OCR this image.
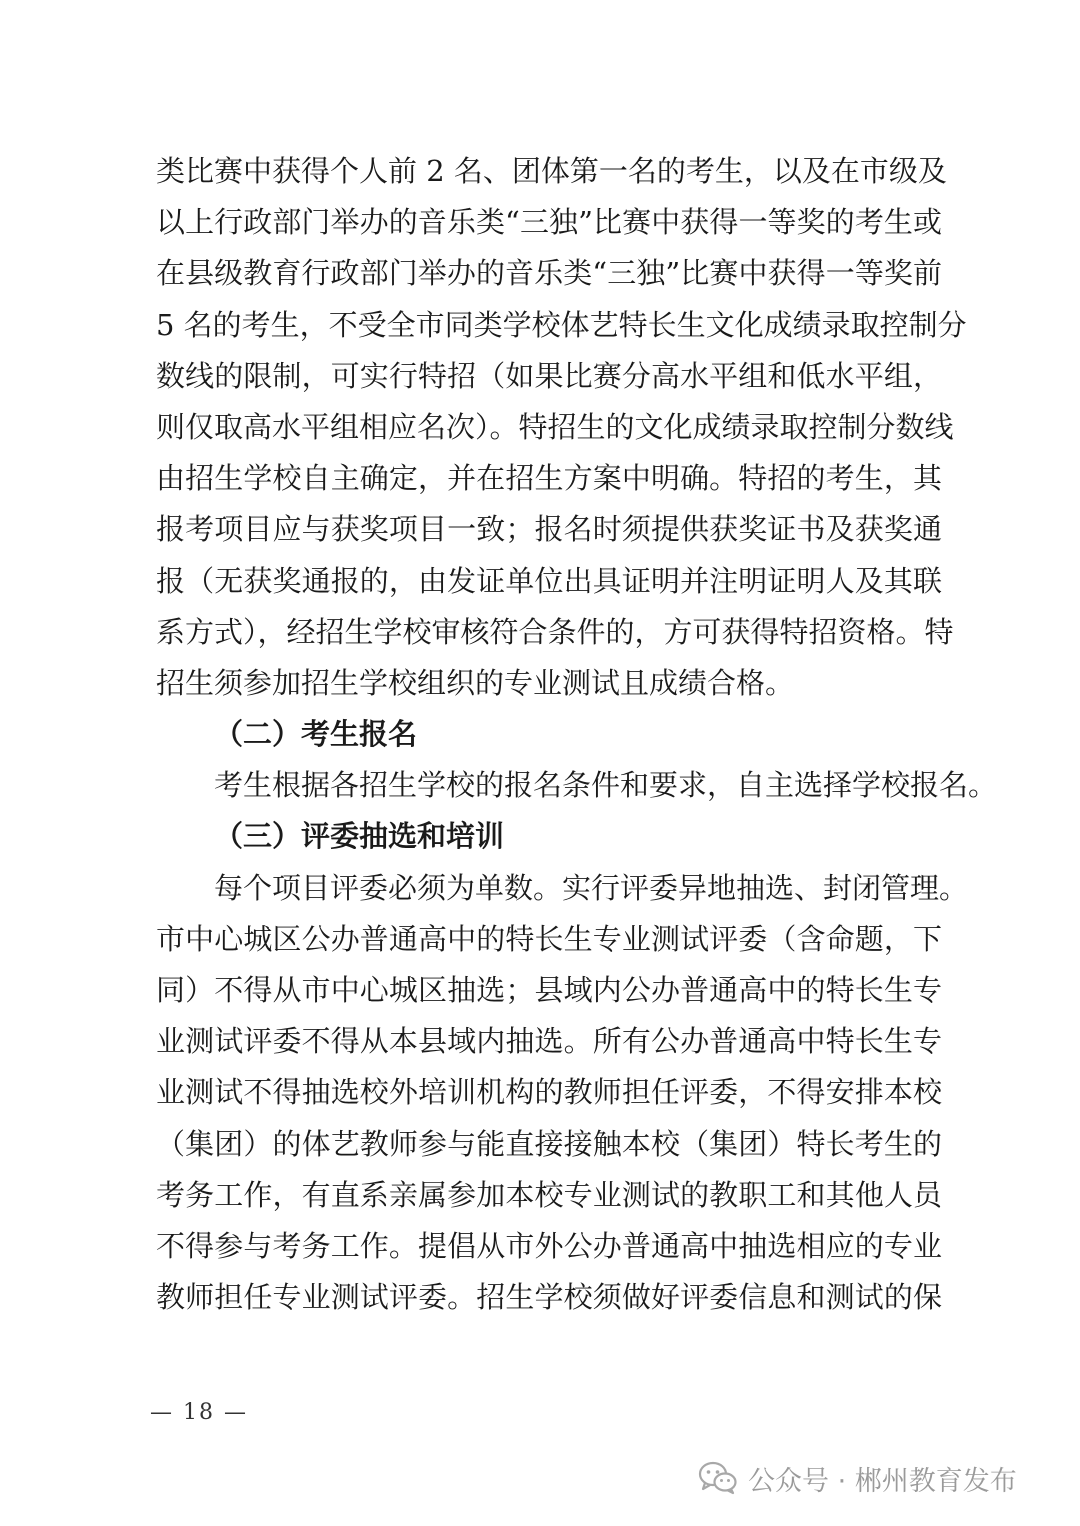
类比赛中获得个人前 2 名、团体第一名的考生，以及在市级及
以上行政部门举办的音乐类“三独”比赛中获得一等奖的考生或
在县级教育行政部门举办的音乐类“三独”比赛中获得一等奖前
5 名的考生，不受全市同类学校体艺特长生文化成绩录取控制分
数线的限制，可实行特招（如果比赛分高水平组和低水平组，
则仅取高水平组相应名次）。特招生的文化成绩录取控制分数线
由招生学校自主确定，并在招生方案中明确。特招的考生，其
报考项目应与获奖项目一致；报名时须提供获奖证书及获奖通
报（无获奖通报的，由发证单位出具证明并注明证明人及其联
系方式），经招生学校审核符合条件的，方可获得特招资格。特
招生须参加招生学校组织的专业测试且成绩合格。
（二）考生报名
考生根据各招生学校的报名条件和要求，自主选择学校报名。
（三）评委抽选和培训
每个项目评委必须为单数。实行评委异地抽选、封闭管理。
市中心城区公办普通高中的特长生专业测试评委（含命题，下
同）不得从市中心城区抽选；县域内公办普通高中的特长生专
业测试评委不得从本县域内抽选。所有公办普通高中特长生专
业测试不得抽选校外培训机构的教师担任评委，不得安排本校
（集团）的体艺教师参与能直接接触本校（集团）特长考生的
考务工作，有直系亲属参加本校专业测试的教职工和其他人员
不得参与考务工作。提倡从市外公办普通高中抽选相应的专业
教师担任专业测试评委。招生学校须做好评委信息和测试的保
— 18 —
公众号 · 郴州教育发布
